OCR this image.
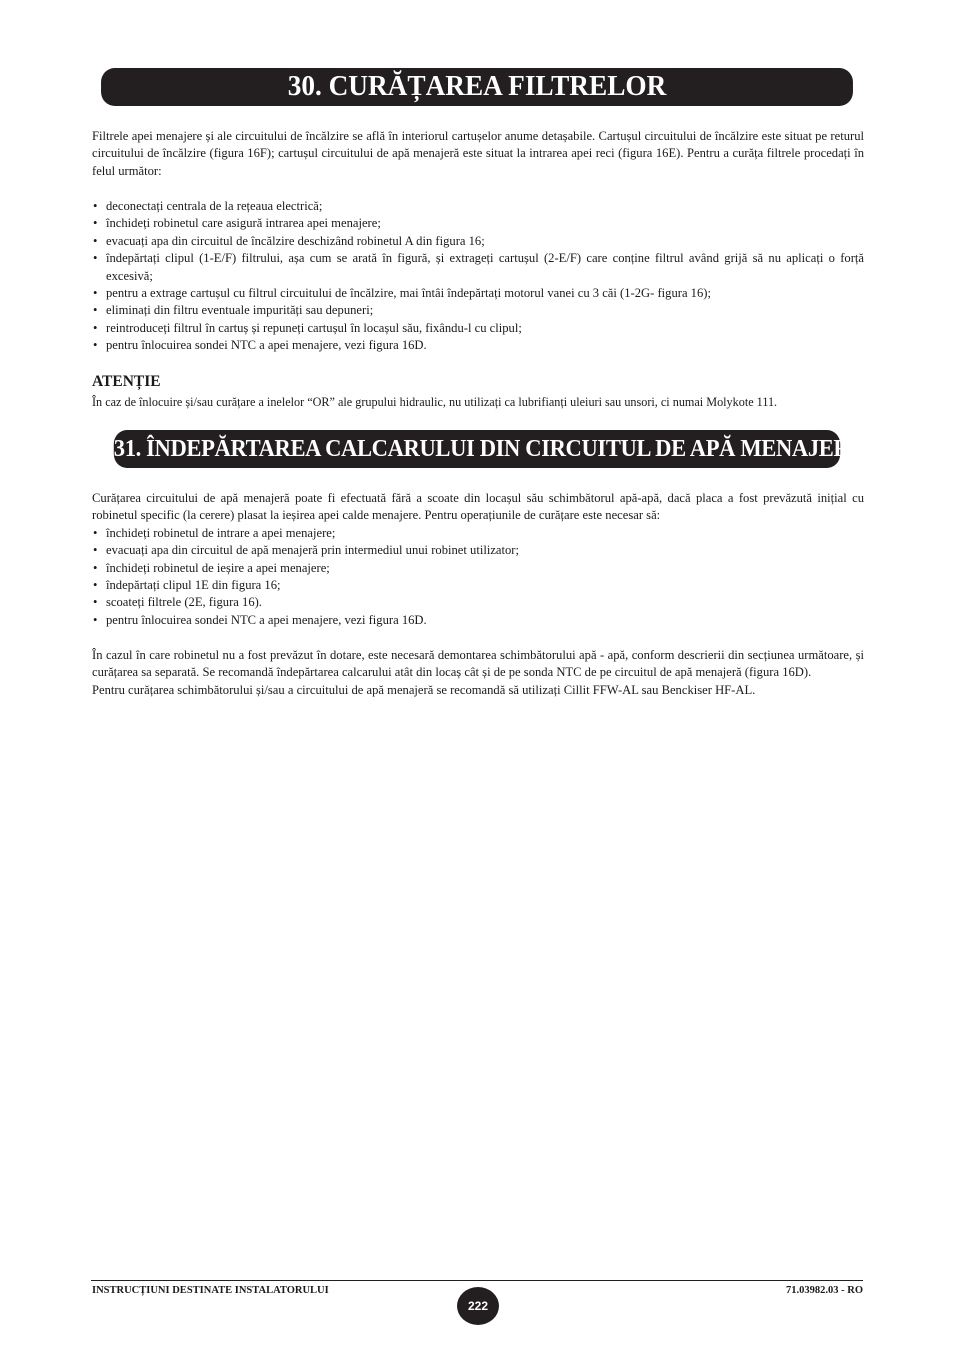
30. CURĂȚAREA FILTRELOR

Filtrele apei menajere și ale circuitului de încălzire se află în interiorul cartușelor anume detașabile. Cartușul circuitului de încălzire este situat pe returul circuitului de încălzire (figura 16F); cartușul circuitului de apă menajeră este situat la intrarea apei reci (figura 16E). Pentru a curăța filtrele procedați în felul următor:

• deconectați centrala de la rețeaua electrică;
• închideți robinetul care asigură intrarea apei menajere;
• evacuați apa din circuitul de încălzire deschizând robinetul A din figura 16;
• îndepărtați clipul (1-E/F) filtrului, așa cum se arată în figură, și extrageți cartușul (2-E/F) care conține filtrul având grijă să nu aplicați o forță excesivă;
• pentru a extrage cartușul cu filtrul circuitului de încălzire, mai întâi îndepărtați motorul vanei cu 3 căi (1-2G- figura 16);
• eliminați din filtru eventuale impurități sau depuneri;
• reintroduceți filtrul în cartuș și repuneți cartușul în locașul său, fixându-l cu clipul;
• pentru înlocuirea sondei NTC a apei menajere, vezi figura 16D.
ATENȚIE
În caz de înlocuire și/sau curățare a inelelor “OR” ale grupului hidraulic, nu utilizați ca lubrifianți uleiuri sau unsori, ci numai Molykote 111.
31. ÎNDEPĂRTAREA CALCARULUI DIN CIRCUITUL DE APĂ MENAJERĂ

Curățarea circuitului de apă menajeră poate fi efectuată fără a scoate din locașul său schimbătorul apă-apă, dacă placa a fost prevăzută inițial cu robinetul specific (la cerere) plasat la ieșirea apei calde menajere. Pentru operațiunile de curățare este necesar să:

• închideți robinetul de intrare a apei menajere;
• evacuați apa din circuitul de apă menajeră prin intermediul unui robinet utilizator;
• închideți robinetul de ieșire a apei menajere;
• îndepărtați clipul 1E din figura 16;
• scoateți filtrele (2E, figura 16).
• pentru înlocuirea sondei NTC a apei menajere, vezi figura 16D.

În cazul în care robinetul nu a fost prevăzut în dotare, este necesară demontarea schimbătorului apă - apă, conform descrierii din secțiunea următoare, și curățarea sa separată. Se recomandă îndepărtarea calcarului atât din locaș cât și de pe sonda NTC de pe circuitul de apă menajeră (figura 16D).

Pentru curățarea schimbătorului și/sau a circuitului de apă menajeră se recomandă să utilizați Cillit FFW-AL sau Benckiser HF-AL.

INSTRUCȚIUNI DESTINATE INSTALATORULUI
222
71.03982.03 - RO
